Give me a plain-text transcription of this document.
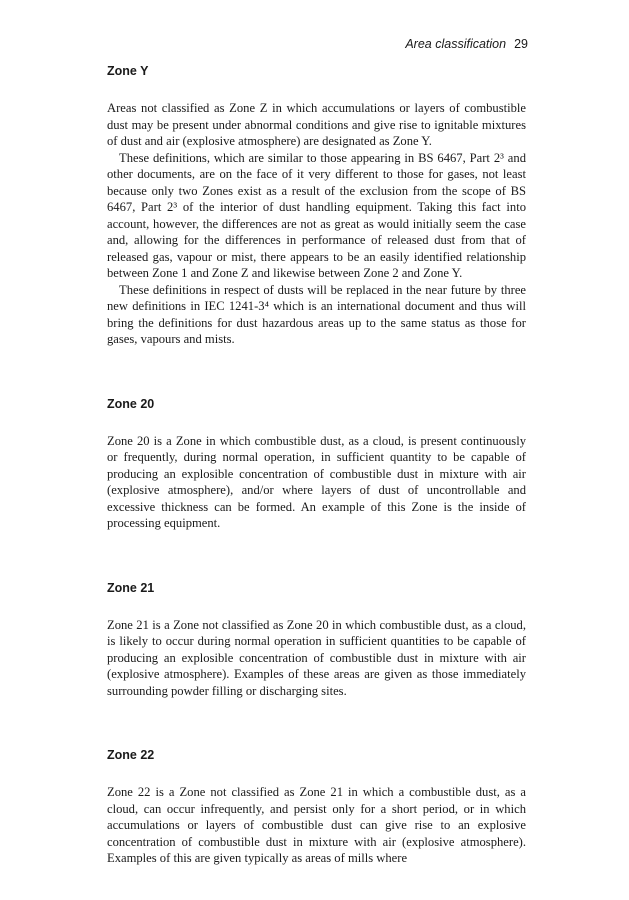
Area classification 29
Zone Y

Areas not classified as Zone Z in which accumulations or layers of combustible dust may be present under abnormal conditions and give rise to ignitable mixtures of dust and air (explosive atmosphere) are designated as Zone Y.

These definitions, which are similar to those appearing in BS 6467, Part 2³ and other documents, are on the face of it very different to those for gases, not least because only two Zones exist as a result of the exclusion from the scope of BS 6467, Part 2³ of the interior of dust handling equipment. Taking this fact into account, however, the differences are not as great as would initially seem the case and, allowing for the differences in performance of released dust from that of released gas, vapour or mist, there appears to be an easily identified relationship between Zone 1 and Zone Z and likewise between Zone 2 and Zone Y.

These definitions in respect of dusts will be replaced in the near future by three new definitions in IEC 1241-3⁴ which is an international document and thus will bring the definitions for dust hazardous areas up to the same status as those for gases, vapours and mists.

Zone 20

Zone 20 is a Zone in which combustible dust, as a cloud, is present continuously or frequently, during normal operation, in sufficient quantity to be capable of producing an explosible concentration of combustible dust in mixture with air (explosive atmosphere), and/or where layers of dust of uncontrollable and excessive thickness can be formed. An example of this Zone is the inside of processing equipment.

Zone 21

Zone 21 is a Zone not classified as Zone 20 in which combustible dust, as a cloud, is likely to occur during normal operation in sufficient quantities to be capable of producing an explosible concentration of combustible dust in mixture with air (explosive atmosphere). Examples of these areas are given as those immediately surrounding powder filling or discharging sites.

Zone 22

Zone 22 is a Zone not classified as Zone 21 in which a combustible dust, as a cloud, can occur infrequently, and persist only for a short period, or in which accumulations or layers of combustible dust can give rise to an explosive concentration of combustible dust in mixture with air (explosive atmosphere). Examples of this are given typically as areas of mills where
